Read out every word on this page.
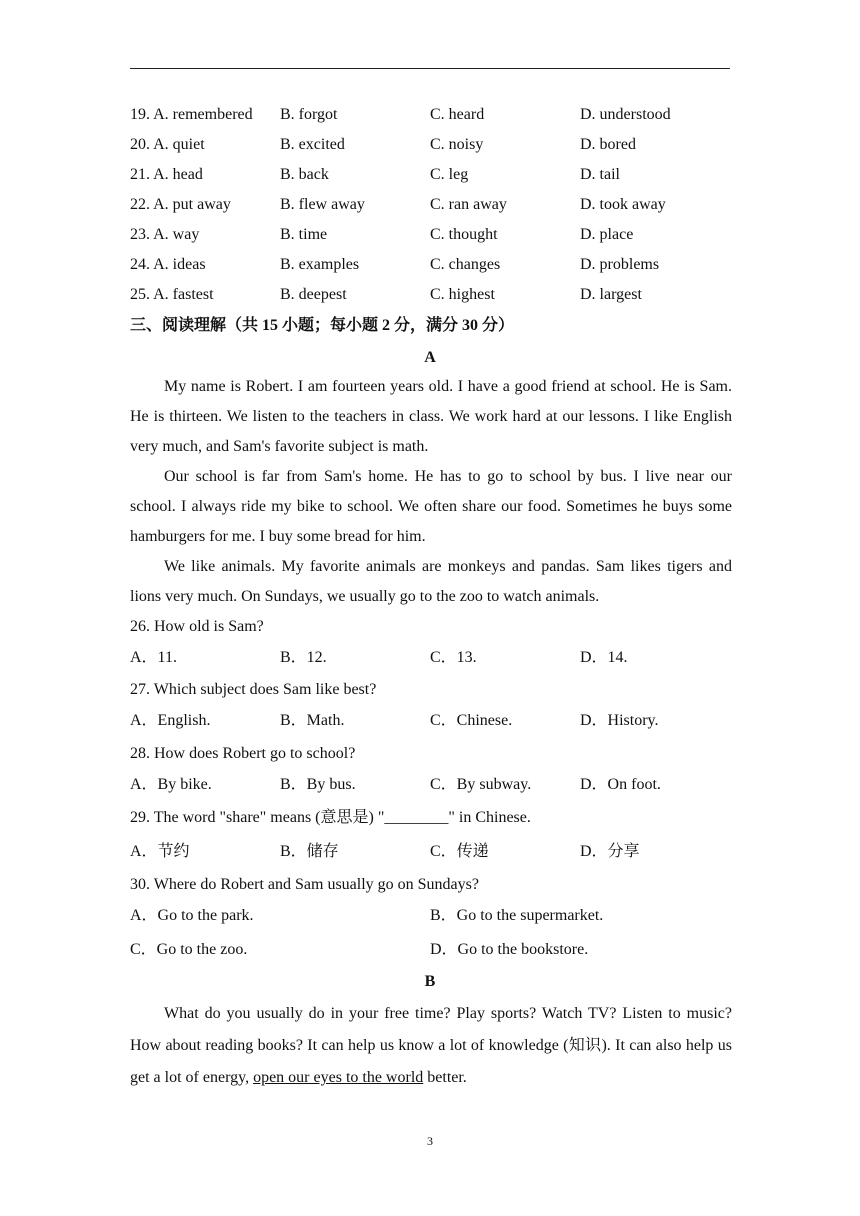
19. A. remembered B. forgot	C. heard	D. understood
20. A. quiet	B. excited	C. noisy	D. bored
21. A. head	B. back	C. leg	D. tail
22. A. put away	B. flew away	C. ran away	D. took away
23. A. way	B. time	C. thought	D. place
24. A. ideas	B. examples	C. changes	D. problems
25. A. fastest	B. deepest	C. highest	D. largest
三、阅读理解（共 15 小题；每小题 2 分，满分 30 分）
A
My name is Robert. I am fourteen years old. I have a good friend at school. He is Sam. He is thirteen. We listen to the teachers in class. We work hard at our lessons. I like English very much, and Sam's favorite subject is math.
Our school is far from Sam's home. He has to go to school by bus. I live near our school. I always ride my bike to school. We often share our food. Sometimes he buys some hamburgers for me. I buy some bread for him.
We like animals. My favorite animals are monkeys and pandas. Sam likes tigers and lions very much. On Sundays, we usually go to the zoo to watch animals.
26. How old is Sam?
A．11.	B．12.	C．13.	D．14.
27. Which subject does Sam like best?
A．English.	B．Math.	C．Chinese.	D．History.
28. How does Robert go to school?
A．By bike.	B．By bus.	C．By subway.	D．On foot.
29. The word "share" means (意思是) "________" in Chinese.
A．节约	B．储存	C．传递	D．分享
30. Where do Robert and Sam usually go on Sundays?
A．Go to the park.	B．Go to the supermarket.
C．Go to the zoo.	D．Go to the bookstore.
B
What do you usually do in your free time? Play sports? Watch TV? Listen to music? How about reading books? It can help us know a lot of knowledge (知识). It can also help us get a lot of energy, open our eyes to the world better.
3
